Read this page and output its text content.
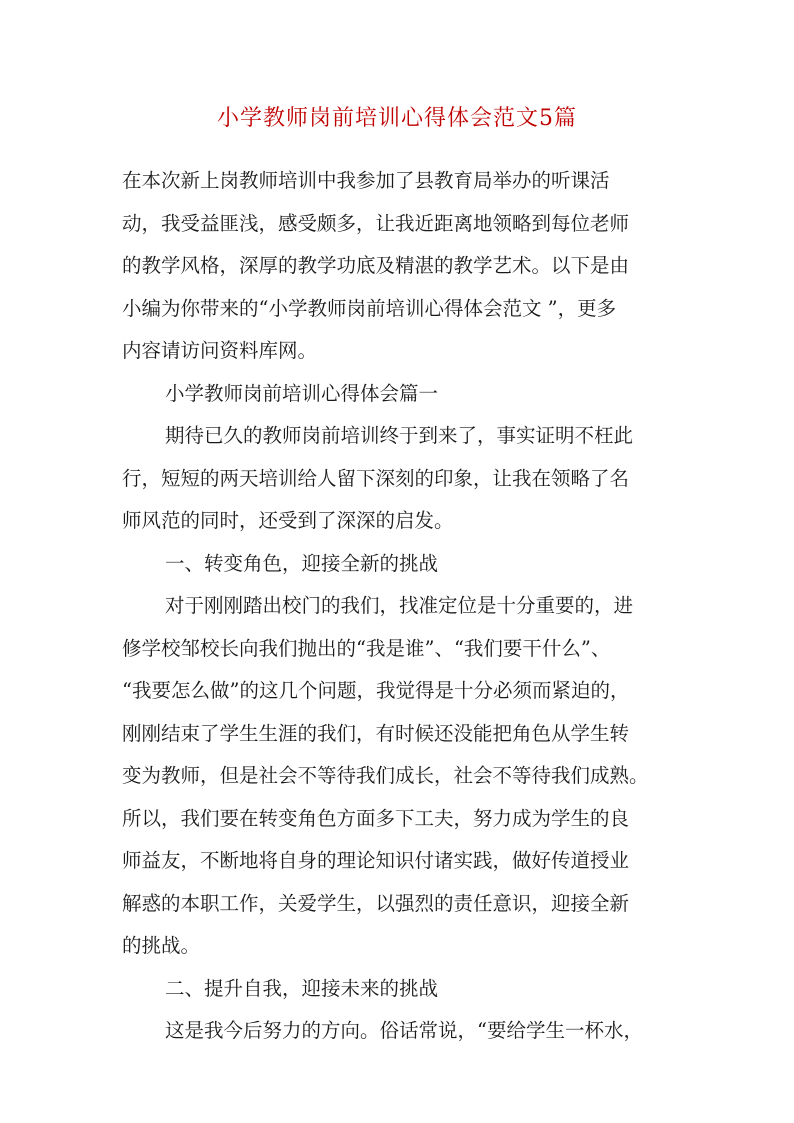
小学教师岗前培训心得体会范文5篇
在本次新上岗教师培训中我参加了县教育局举办的听课活
动，我受益匪浅，感受颇多，让我近距离地领略到每位老师
的教学风格，深厚的教学功底及精湛的教学艺术。以下是由
小编为你带来的“小学教师岗前培训心得体会范文 ”，更多
内容请访问资料库网。
小学教师岗前培训心得体会篇一
期待已久的教师岗前培训终于到来了，事实证明不枉此
行，短短的两天培训给人留下深刻的印象，让我在领略了名
师风范的同时，还受到了深深的启发。
一、转变角色，迎接全新的挑战
对于刚刚踏出校门的我们，找准定位是十分重要的，进
修学校邹校长向我们抛出的“我是谁”、“我们要干什么”、
“我要怎么做”的这几个问题，我觉得是十分必须而紧迫的，
刚刚结束了学生生涯的我们，有时候还没能把角色从学生转
变为教师，但是社会不等待我们成长，社会不等待我们成熟。
所以，我们要在转变角色方面多下工夫，努力成为学生的良
师益友，不断地将自身的理论知识付诸实践，做好传道授业
解惑的本职工作，关爱学生，以强烈的责任意识，迎接全新
的挑战。
二、提升自我，迎接未来的挑战
这是我今后努力的方向。俗话常说，“要给学生一杯水，
